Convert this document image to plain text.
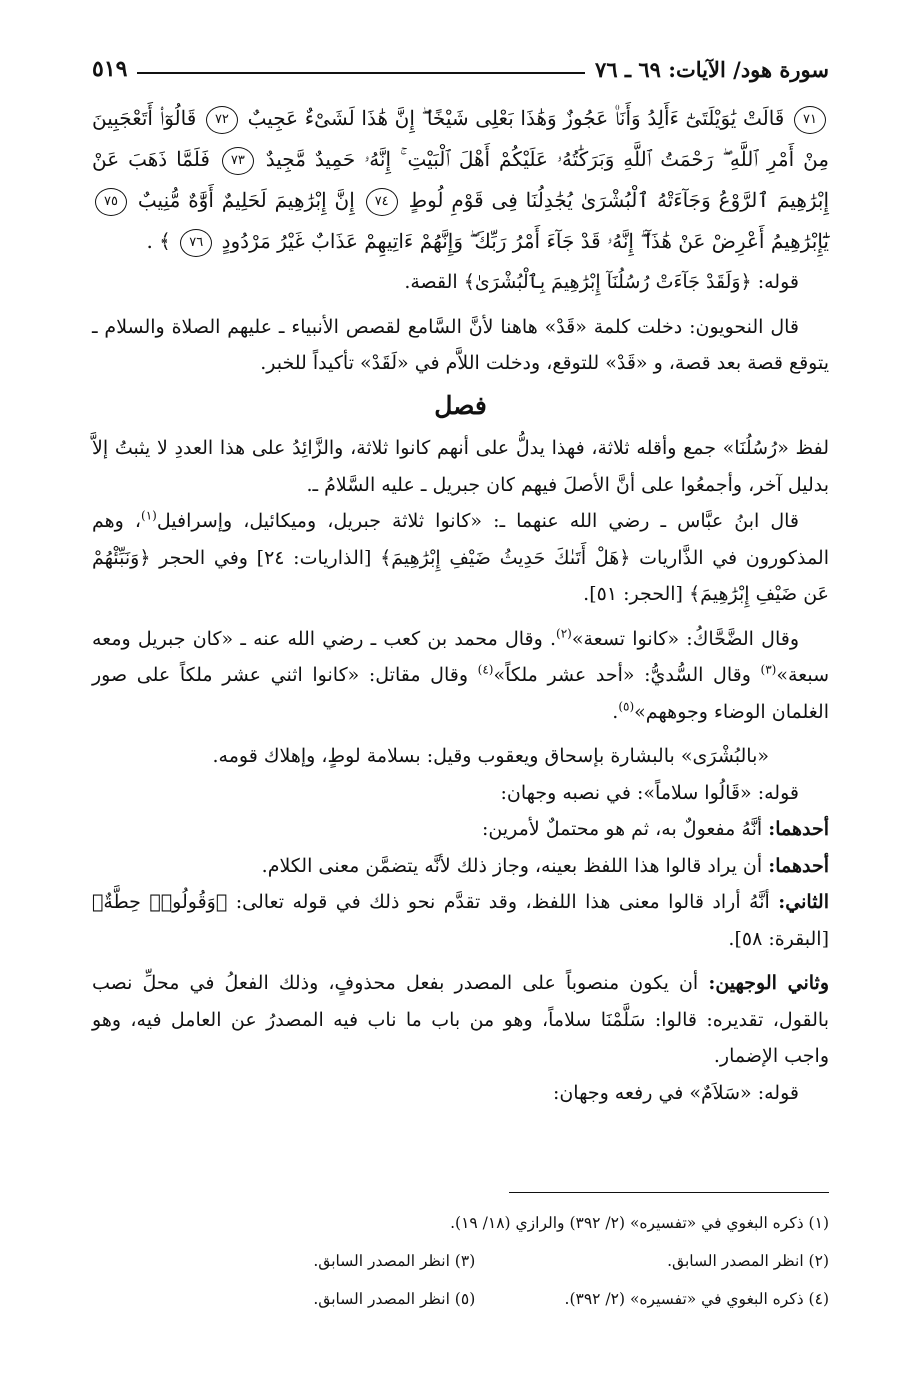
سورة هود/ الآيات: ٦٩ ـ ٧٦
٥١٩

٧١ قَالَتْ يَٰوَيْلَتَىٰٓ ءَأَلِدُ وَأَنَا۠ عَجُوزٌ وَهَٰذَا بَعْلِى شَيْخًا ۖ إِنَّ هَٰذَا لَشَىْءٌ عَجِيبٌ ٧٢ قَالُوٓا۟ أَتَعْجَبِينَ مِنْ أَمْرِ ٱللَّهِ ۖ رَحْمَتُ ٱللَّهِ وَبَرَكَٰتُهُۥ عَلَيْكُمْ أَهْلَ ٱلْبَيْتِ ۚ إِنَّهُۥ حَمِيدٌ مَّجِيدٌ ٧٣ فَلَمَّا ذَهَبَ عَنْ إِبْرَٰهِيمَ ٱلرَّوْعُ وَجَآءَتْهُ ٱلْبُشْرَىٰ يُجَٰدِلُنَا فِى قَوْمِ لُوطٍ ٧٤ إِنَّ إِبْرَٰهِيمَ لَحَلِيمٌ أَوَّٰهٌ مُّنِيبٌ ٧٥ يَٰٓإِبْرَٰهِيمُ أَعْرِضْ عَنْ هَٰذَآ ۖ إِنَّهُۥ قَدْ جَآءَ أَمْرُ رَبِّكَ ۖ وَإِنَّهُمْ ءَاتِيهِمْ عَذَابٌ غَيْرُ مَرْدُودٍ ٧٦ ﴾ .

قوله: ﴿وَلَقَدْ جَآءَتْ رُسُلُنَآ إِبْرَٰهِيمَ بِٱلْبُشْرَىٰ﴾ القصة.

قال النحويون: دخلت كلمة «قَدْ» هاهنا لأنَّ السَّامع لقصص الأنبياء ـ عليهم الصلاة والسلام ـ يتوقع قصة بعد قصة، و «قَدْ» للتوقع، ودخلت اللاَّم في «لَقَدْ» تأكيداً للخبر.

فصل

لفظ «رُسُلُنَا» جمع وأقله ثلاثة، فهذا يدلُّ على أنهم كانوا ثلاثة، والزَّائِدُ على هذا العددِ لا يثبتُ إلاَّ بدليل آخر، وأجمعُوا على أنَّ الأصلَ فيهم كان جبريل ـ عليه السَّلامُ ـ.

قال ابنُ عبَّاس ـ رضي الله عنهما ـ: «كانوا ثلاثة جبريل، وميكائيل، وإسرافيل$^{(١)}$، وهم المذكورون في الذَّاريات ﴿هَلْ أَتَىٰكَ حَدِيثُ ضَيْفِ إِبْرَٰهِيمَ﴾ [الذاريات: ٢٤] وفي الحجر ﴿وَنَبِّئْهُمْ عَن ضَيْفِ إِبْرَٰهِيمَ﴾ [الحجر: ٥١].

وقال الضَّحَّاكُ: «كانوا تسعة»$^{(٢)}$. وقال محمد بن كعب ـ رضي الله عنه ـ «كان جبريل ومعه سبعة»$^{(٣)}$ وقال السُّديُّ: «أحد عشر ملكاً»$^{(٤)}$ وقال مقاتل: «كانوا اثني عشر ملكاً على صور الغلمان الوضاء وجوههم»$^{(٥)}$.

«بالبُشْرَى» بالبشارة بإسحاق ويعقوب وقيل: بسلامة لوطٍ، وإهلاك قومه.

قوله: «قَالُوا سلاماً»: في نصبه وجهان:

أحدهما: أنَّهُ مفعولٌ به، ثم هو محتملٌ لأمرين:

أحدهما: أن يراد قالوا هذا اللفظ بعينه، وجاز ذلك لأنَّه يتضمَّن معنى الكلام.

الثاني: أنَّهُ أراد قالوا معنى هذا اللفظ، وقد تقدَّم نحو ذلك في قوله تعالى: ﴿وَقُولُوا۟ حِطَّةٌ﴾ [البقرة: ٥٨].

وثاني الوجهين: أن يكون منصوباً على المصدر بفعل محذوفٍ، وذلك الفعلُ في محلِّ نصب بالقول، تقديره: قالوا: سَلَّمْنَا سلاماً، وهو من باب ما ناب فيه المصدرُ عن العامل فيه، وهو واجب الإضمار.

قوله: «سَلاَمٌ» في رفعه وجهان:

(١) ذكره البغوي في «تفسيره» (٢/ ٣٩٢) والرازي (١٨/ ١٩).
(٢) انظر المصدر السابق.
(٣) انظر المصدر السابق.
(٤) ذكره البغوي في «تفسيره» (٢/ ٣٩٢).
(٥) انظر المصدر السابق.
